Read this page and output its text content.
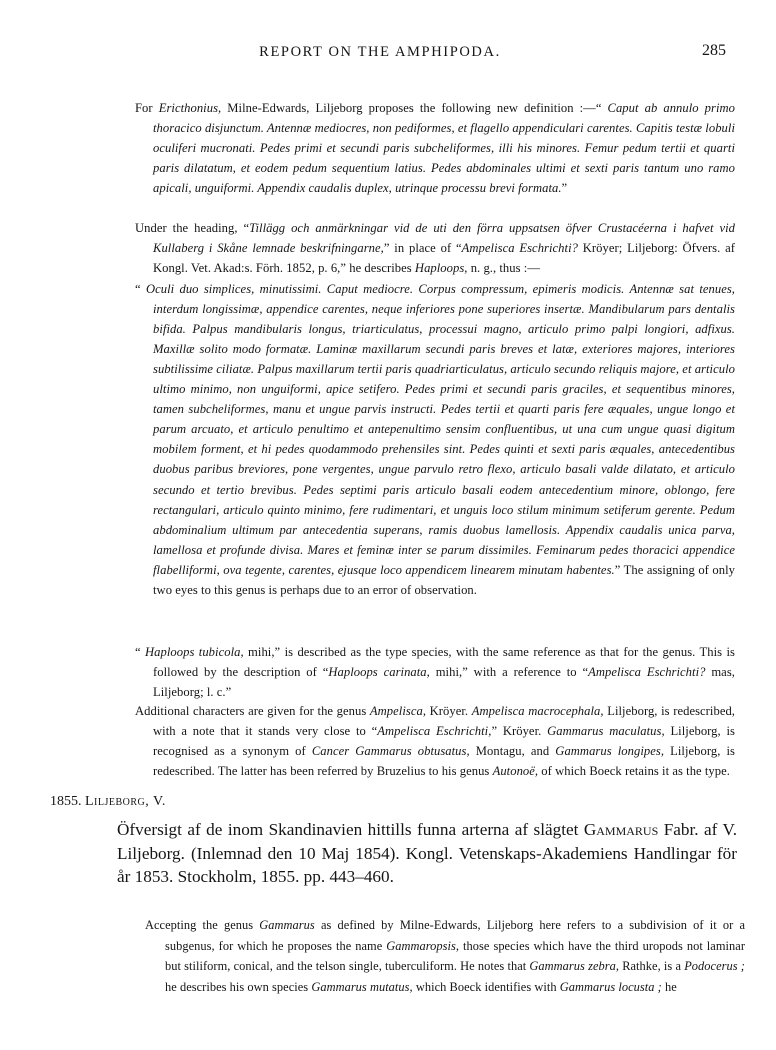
REPORT ON THE AMPHIPODA.	285

For Ericthonius, Milne-Edwards, Liljeborg proposes the following new definition :—“ Caput ab annulo primo thoracico disjunctum. Antennæ mediocres, non pediformes, et flagello appendiculari carentes. Capitis testæ lobuli oculiferi mucronati. Pedes primi et secundi paris subcheliformes, illi his minores. Femur pedum tertii et quarti paris dilatatum, et eodem pedum sequentium latius. Pedes abdominales ultimi et sexti paris tantum uno ramo apicali, unguiformi. Appendix caudalis duplex, utrinque processu brevi formata.”

Under the heading, “Tillägg och anmärkningar vid de uti den förra uppsatsen öfver Crustacéerna i hafvet vid Kullaberg i Skåne lemnade beskrifningarne,” in place of “Ampelisca Eschrichti? Kröyer; Liljeborg: Öfvers. af Kongl. Vet. Akad:s. Förh. 1852, p. 6,” he describes Haploops, n. g., thus :—

“ Oculi duo simplices, minutissimi. Caput mediocre. Corpus compressum, epimeris modicis. Antennæ sat tenues, interdum longissimæ, appendice carentes, neque inferiores pone superiores insertæ. Mandibularum pars dentalis bifida. Palpus mandibularis longus, triarticulatus, processui magno, articulo primo palpi longiori, adfixus. Maxillæ solito modo formatæ. Laminæ maxillarum secundi paris breves et latæ, exteriores majores, interiores subtilissime ciliatæ. Palpus maxillarum tertii paris quadriarticulatus, articulo secundo reliquis majore, et articulo ultimo minimo, non unguiformi, apice setifero. Pedes primi et secundi paris graciles, et sequentibus minores, tamen subcheliformes, manu et ungue parvis instructi. Pedes tertii et quarti paris fere æquales, ungue longo et parum arcuato, et articulo penultimo et antepenultimo sensim confluentibus, ut una cum ungue quasi digitum mobilem forment, et hi pedes quodammodo prehensiles sint. Pedes quinti et sexti paris æquales, antecedentibus duobus paribus breviores, pone vergentes, ungue parvulo retro flexo, articulo basali valde dilatato, et articulo secundo et tertio brevibus. Pedes septimi paris articulo basali eodem antecedentium minore, oblongo, fere rectangulari, articulo quinto minimo, fere rudimentari, et unguis loco stilum minimum setiferum gerente. Pedum abdominalium ultimum par antecedentia superans, ramis duobus lamellosis. Appendix caudalis unica parva, lamellosa et profunde divisa. Mares et feminæ inter se parum dissimiles. Feminarum pedes thoracici appendice flabelliformi, ova tegente, carentes, ejusque loco appendicem linearem minutam habentes.” The assigning of only two eyes to this genus is perhaps due to an error of observation.

“ Haploops tubicola, mihi,” is described as the type species, with the same reference as that for the genus. This is followed by the description of “Haploops carinata, mihi,” with a reference to “Ampelisca Eschrichti? mas, Liljeborg; l. c.”

Additional characters are given for the genus Ampelisca, Kröyer. Ampelisca macrocephala, Liljeborg, is redescribed, with a note that it stands very close to “Ampelisca Eschrichti,” Kröyer. Gammarus maculatus, Liljeborg, is recognised as a synonym of Cancer Gammarus obtusatus, Montagu, and Gammarus longipes, Liljeborg, is redescribed. The latter has been referred by Bruzelius to his genus Autonoë, of which Boeck retains it as the type.

1855. Liljeborg, V.
Öfversigt af de inom Skandinavien hittills funna arterna af slägtet Gammarus Fabr. af V. Liljeborg. (Inlemnad den 10 Maj 1854). Kongl. Vetenskaps-Akademiens Handlingar för år 1853. Stockholm, 1855. pp. 443–460.

Accepting the genus Gammarus as defined by Milne-Edwards, Liljeborg here refers to a subdivision of it or a subgenus, for which he proposes the name Gammaropsis, those species which have the third uropods not laminar but stiliform, conical, and the telson single, tuberculiform. He notes that Gammarus zebra, Rathke, is a Podocerus ; he describes his own species Gammarus mutatus, which Boeck identifies with Gammarus locusta ; he
